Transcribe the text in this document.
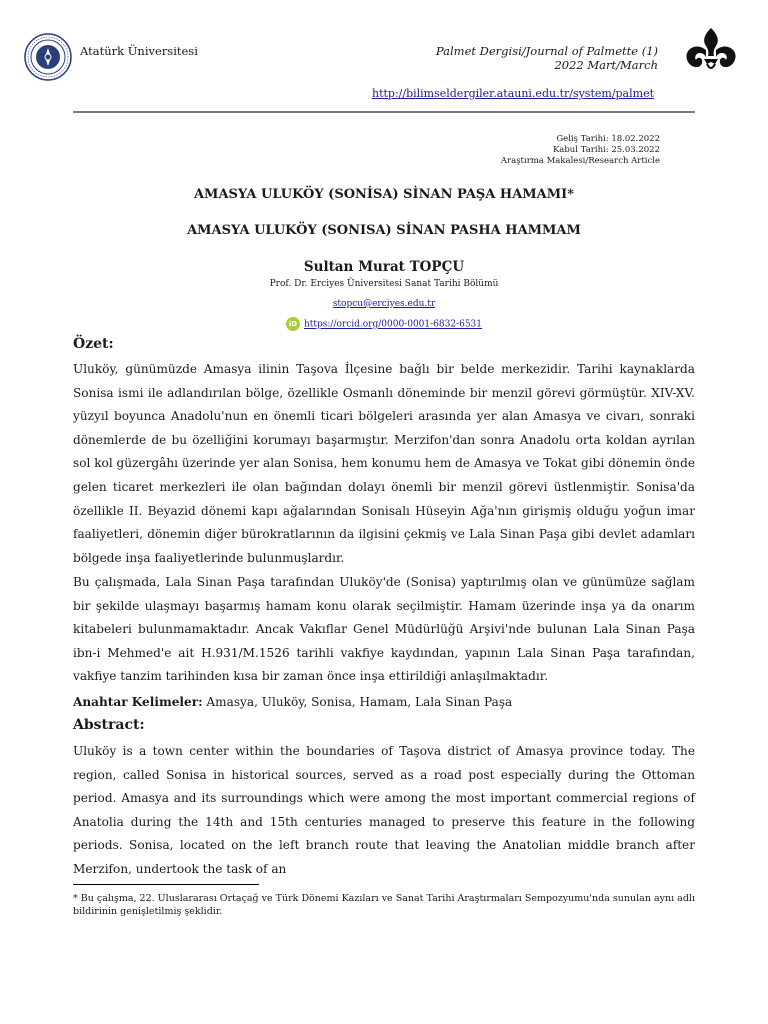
Atatürk Üniversitesi	Palmet Dergisi/Journal of Palmette (1)
2022 Mart/March
http://bilimseldergiler.atauni.edu.tr/system/palmet
Geliş Tarihi: 18.02.2022
Kabul Tarihi: 25.03.2022
Araştırma Makalesi/Research Article
AMASYA ULUKÖY (SONİSA) SİNAN PAŞA HAMAMI*
AMASYA ULUKÖY (SONISA) SİNAN PASHA HAMMAM
Sultan Murat TOPÇU
Prof. Dr. Erciyes Üniversitesi Sanat Tarihi Bölümü
stopcu@erciyes.edu.tr
iD https://orcid.org/0000-0001-6832-6531
Özet:
Uluköy, günümüzde Amasya ilinin Taşova İlçesine bağlı bir belde merkezidir. Tarihi kaynaklarda Sonisa ismi ile adlandırılan bölge, özellikle Osmanlı döneminde bir menzil görevi görmüştür. XIV-XV. yüzyıl boyunca Anadolu'nun en önemli ticari bölgeleri arasında yer alan Amasya ve civarı, sonraki dönemlerde de bu özelliğini korumayı başarmıştır. Merzifon'dan sonra Anadolu orta koldan ayrılan sol kol güzergâhı üzerinde yer alan Sonisa, hem konumu hem de Amasya ve Tokat gibi dönemin önde gelen ticaret merkezleri ile olan bağından dolayı önemli bir menzil görevi üstlenmiştir. Sonisa'da özellikle II. Beyazid dönemi kapı ağalarından Sonisalı Hüseyin Ağa'nın girişmiş olduğu yoğun imar faaliyetleri, dönemin diğer bürokratlarının da ilgisini çekmiş ve Lala Sinan Paşa gibi devlet adamları bölgede inşa faaliyetlerinde bulunmuşlardır.
Bu çalışmada, Lala Sinan Paşa tarafından Uluköy'de (Sonisa) yaptırılmış olan ve günümüze sağlam bir şekilde ulaşmayı başarmış hamam konu olarak seçilmiştir. Hamam üzerinde inşa ya da onarım kitabeleri bulunmamaktadır. Ancak Vakıflar Genel Müdürlüğü Arşivi'nde bulunan Lala Sinan Paşa ibn-i Mehmed'e ait H.931/M.1526 tarihli vakfiye kaydından, yapının Lala Sinan Paşa tarafından, vakfiye tanzim tarihinden kısa bir zaman önce inşa ettirildiği anlaşılmaktadır.
Anahtar Kelimeler: Amasya, Uluköy, Sonisa, Hamam, Lala Sinan Paşa
Abstract:
Uluköy is a town center within the boundaries of Taşova district of Amasya province today. The region, called Sonisa in historical sources, served as a road post especially during the Ottoman period. Amasya and its surroundings which were among the most important commercial regions of Anatolia during the 14th and 15th centuries managed to preserve this feature in the following periods. Sonisa, located on the left branch route that leaving the Anatolian middle branch after Merzifon, undertook the task of an
* Bu çalışma, 22. Uluslararası Ortaçağ ve Türk Dönemi Kazıları ve Sanat Tarihi Araştırmaları Sempozyumu'nda sunulan aynı adlı bildirinin genişletilmiş şeklidir.
